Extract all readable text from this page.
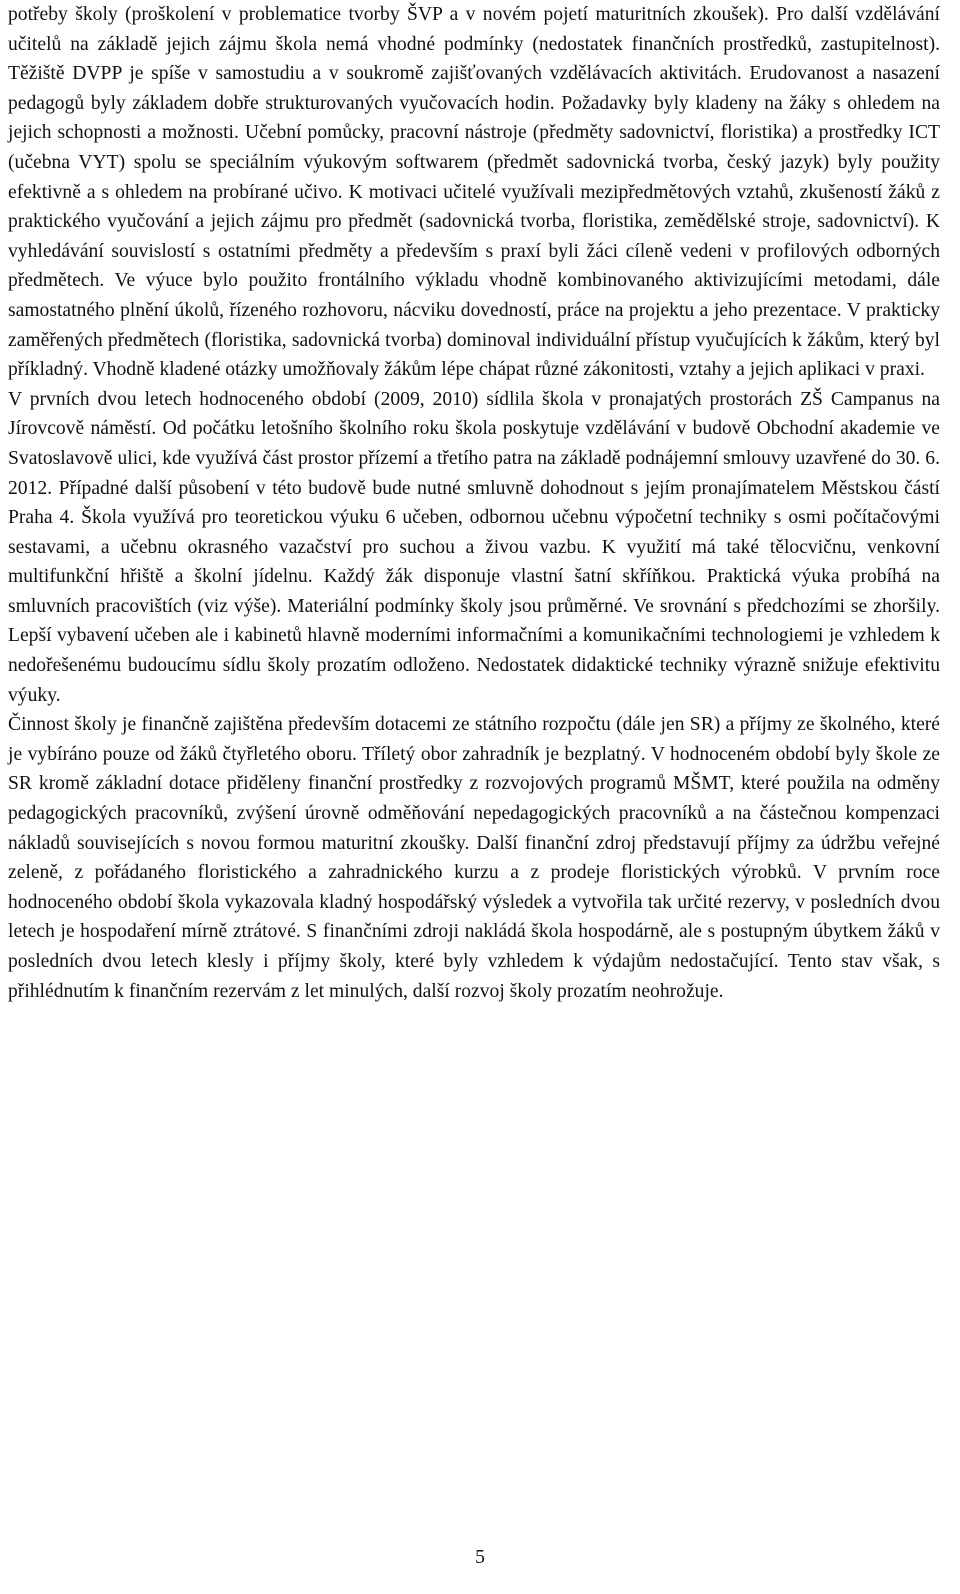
potřeby školy (proškolení v problematice tvorby ŠVP a v novém pojetí maturitních zkoušek). Pro další vzdělávání učitelů na základě jejich zájmu škola nemá vhodné podmínky (nedostatek finančních prostředků, zastupitelnost). Těžiště DVPP je spíše v samostudiu a v soukromě zajišťovaných vzdělávacích aktivitách. Erudovanost a nasazení pedagogů byly základem dobře strukturovaných vyučovacích hodin. Požadavky byly kladeny na žáky s ohledem na jejich schopnosti a možnosti. Učební pomůcky, pracovní nástroje (předměty sadovnictví, floristika) a prostředky ICT (učebna VYT) spolu se speciálním výukovým softwarem (předmět sadovnická tvorba, český jazyk) byly použity efektivně a s ohledem na probírané učivo. K motivaci učitelé využívali mezipředmětových vztahů, zkušeností žáků z praktického vyučování a jejich zájmu pro předmět (sadovnická tvorba, floristika, zemědělské stroje, sadovnictví). K vyhledávání souvislostí s ostatními předměty a především s praxí byli žáci cíleně vedeni v profilových odborných předmětech. Ve výuce bylo použito frontálního výkladu vhodně kombinovaného aktivizujícími metodami, dále samostatného plnění úkolů, řízeného rozhovoru, nácviku dovedností, práce na projektu a jeho prezentace. V prakticky zaměřených předmětech (floristika, sadovnická tvorba) dominoval individuální přístup vyučujících k žákům, který byl příkladný. Vhodně kladené otázky umožňovaly žákům lépe chápat různé zákonitosti, vztahy a jejich aplikaci v praxi.

V prvních dvou letech hodnoceného období (2009, 2010) sídlila škola v pronajatých prostorách ZŠ Campanus na Jírovcově náměstí. Od počátku letošního školního roku škola poskytuje vzdělávání v budově Obchodní akademie ve Svatoslavově ulici, kde využívá část prostor přízemí a třetího patra na základě podnájemní smlouvy uzavřené do 30. 6. 2012. Případné další působení v této budově bude nutné smluvně dohodnout s jejím pronajímatelem Městskou částí Praha 4. Škola využívá pro teoretickou výuku 6 učeben, odbornou učebnu výpočetní techniky s osmi počítačovými sestavami, a učebnu okrasného vazačství pro suchou a živou vazbu. K využití má také tělocvičnu, venkovní multifunkční hřiště a školní jídelnu. Každý žák disponuje vlastní šatní skříňkou. Praktická výuka probíhá na smluvních pracovištích (viz výše). Materiální podmínky školy jsou průměrné. Ve srovnání s předchozími se zhoršily. Lepší vybavení učeben ale i kabinetů hlavně moderními informačními a komunikačními technologiemi je vzhledem k nedořešenému budoucímu sídlu školy prozatím odloženo. Nedostatek didaktické techniky výrazně snižuje efektivitu výuky.

Činnost školy je finančně zajištěna především dotacemi ze státního rozpočtu (dále jen SR) a příjmy ze školného, které je vybíráno pouze od žáků čtyřletého oboru. Tříletý obor zahradník je bezplatný. V hodnoceném období byly škole ze SR kromě základní dotace přiděleny finanční prostředky z rozvojových programů MŠMT, které použila na odměny pedagogických pracovníků, zvýšení úrovně odměňování nepedagogických pracovníků a na částečnou kompenzaci nákladů souvisejících s novou formou maturitní zkoušky. Další finanční zdroj představují příjmy za údržbu veřejné zeleně, z pořádaného floristického a zahradnického kurzu a z prodeje floristických výrobků. V prvním roce hodnoceného období škola vykazovala kladný hospodářský výsledek a vytvořila tak určité rezervy, v posledních dvou letech je hospodaření mírně ztrátové. S finančními zdroji nakládá škola hospodárně, ale s postupným úbytkem žáků v posledních dvou letech klesly i příjmy školy, které byly vzhledem k výdajům nedostačující. Tento stav však, s přihlédnutím k finančním rezervám z let minulých, další rozvoj školy prozatím neohrožuje.

5
